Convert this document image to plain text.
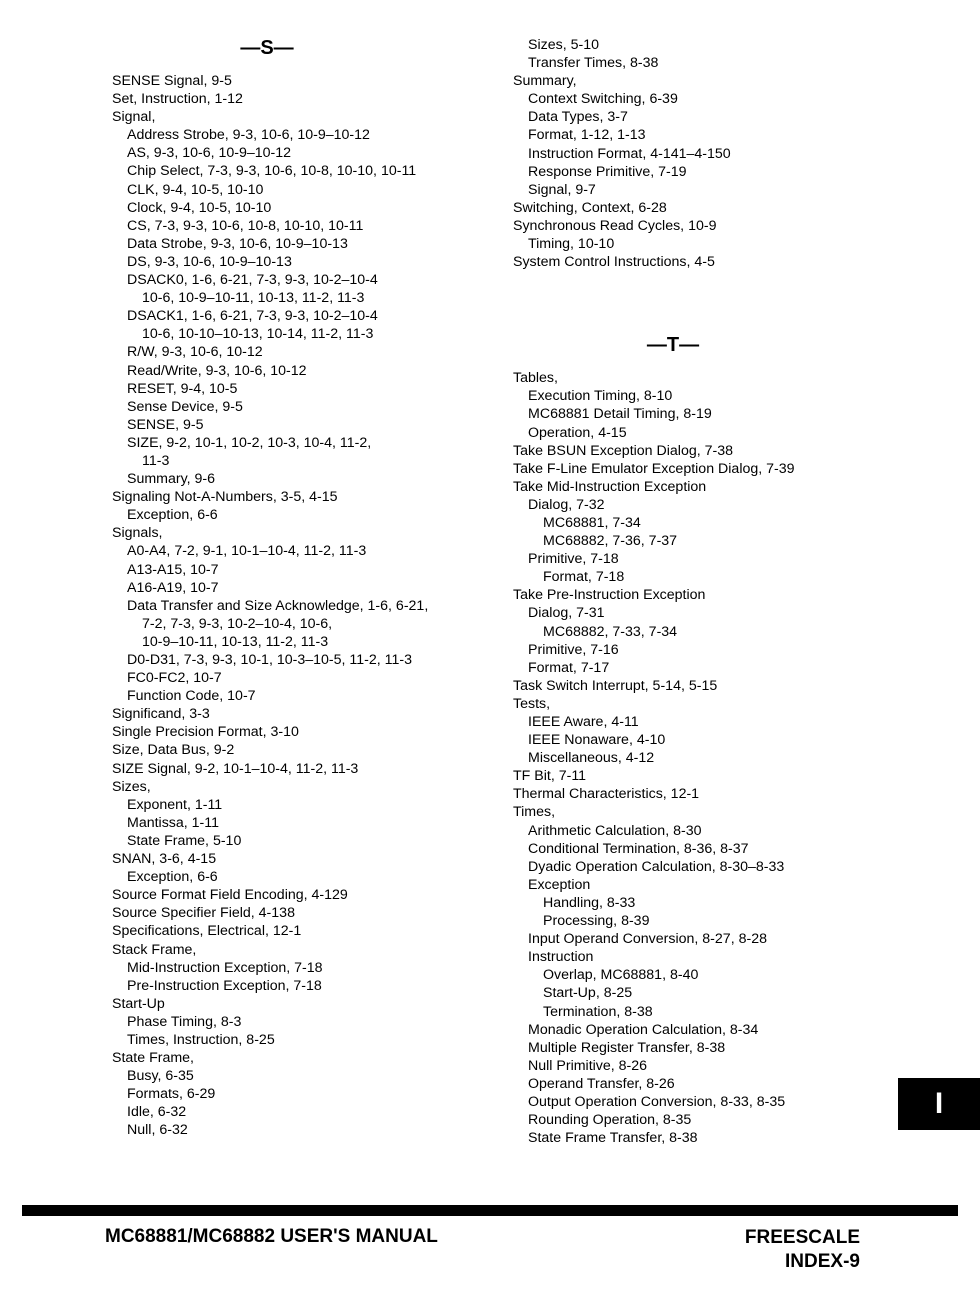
—S—
SENSE Signal, 9-5
Set, Instruction, 1-12
Signal,
Address Strobe, 9-3, 10-6, 10-9–10-12
AS, 9-3, 10-6, 10-9–10-12
Chip Select, 7-3, 9-3, 10-6, 10-8, 10-10, 10-11
CLK, 9-4, 10-5, 10-10
Clock, 9-4, 10-5, 10-10
CS, 7-3, 9-3, 10-6, 10-8, 10-10, 10-11
Data Strobe, 9-3, 10-6, 10-9–10-13
DS, 9-3, 10-6, 10-9–10-13
DSACK0, 1-6, 6-21, 7-3, 9-3, 10-2–10-4
10-6, 10-9–10-11, 10-13, 11-2, 11-3
DSACK1, 1-6, 6-21, 7-3, 9-3, 10-2–10-4
10-6, 10-10–10-13, 10-14, 11-2, 11-3
R/W, 9-3, 10-6, 10-12
Read/Write, 9-3, 10-6, 10-12
RESET, 9-4, 10-5
Sense Device, 9-5
SENSE, 9-5
SIZE, 9-2, 10-1, 10-2, 10-3, 10-4, 11-2,
11-3
Summary, 9-6
Signaling Not-A-Numbers, 3-5, 4-15
Exception, 6-6
Signals,
A0-A4, 7-2, 9-1, 10-1–10-4, 11-2, 11-3
A13-A15, 10-7
A16-A19, 10-7
Data Transfer and Size Acknowledge, 1-6, 6-21,
7-2, 7-3, 9-3, 10-2–10-4, 10-6,
10-9–10-11, 10-13, 11-2, 11-3
D0-D31, 7-3, 9-3, 10-1, 10-3–10-5, 11-2, 11-3
FC0-FC2, 10-7
Function Code, 10-7
Significand, 3-3
Single Precision Format, 3-10
Size, Data Bus, 9-2
SIZE Signal, 9-2, 10-1–10-4, 11-2, 11-3
Sizes,
Exponent, 1-11
Mantissa, 1-11
State Frame, 5-10
SNAN, 3-6, 4-15
Exception, 6-6
Source Format Field Encoding, 4-129
Source Specifier Field, 4-138
Specifications, Electrical, 12-1
Stack Frame,
Mid-Instruction Exception, 7-18
Pre-Instruction Exception, 7-18
Start-Up
Phase Timing, 8-3
Times, Instruction, 8-25
State Frame,
Busy, 6-35
Formats, 6-29
Idle, 6-32
Null, 6-32
Sizes, 5-10
Transfer Times, 8-38
Summary,
Context Switching, 6-39
Data Types, 3-7
Format, 1-12, 1-13
Instruction Format, 4-141–4-150
Response Primitive, 7-19
Signal, 9-7
Switching, Context, 6-28
Synchronous Read Cycles, 10-9
Timing, 10-10
System Control Instructions, 4-5
—T—
Tables,
Execution Timing, 8-10
MC68881 Detail Timing, 8-19
Operation, 4-15
Take BSUN Exception Dialog, 7-38
Take F-Line Emulator Exception Dialog, 7-39
Take Mid-Instruction Exception
Dialog, 7-32
MC68881, 7-34
MC68882, 7-36, 7-37
Primitive, 7-18
Format, 7-18
Take Pre-Instruction Exception
Dialog, 7-31
MC68882, 7-33, 7-34
Primitive, 7-16
Format, 7-17
Task Switch Interrupt, 5-14, 5-15
Tests,
IEEE Aware, 4-11
IEEE Nonaware, 4-10
Miscellaneous, 4-12
TF Bit, 7-11
Thermal Characteristics, 12-1
Times,
Arithmetic Calculation, 8-30
Conditional Termination, 8-36, 8-37
Dyadic Operation Calculation, 8-30–8-33
Exception
Handling, 8-33
Processing, 8-39
Input Operand Conversion, 8-27, 8-28
Instruction
Overlap, MC68881, 8-40
Start-Up, 8-25
Termination, 8-38
Monadic Operation Calculation, 8-34
Multiple Register Transfer, 8-38
Null Primitive, 8-26
Operand Transfer, 8-26
Output Operation Conversion, 8-33, 8-35
Rounding Operation, 8-35
State Frame Transfer, 8-38
I
MC68881/MC68882 USER'S MANUAL	FREESCALE
INDEX-9
